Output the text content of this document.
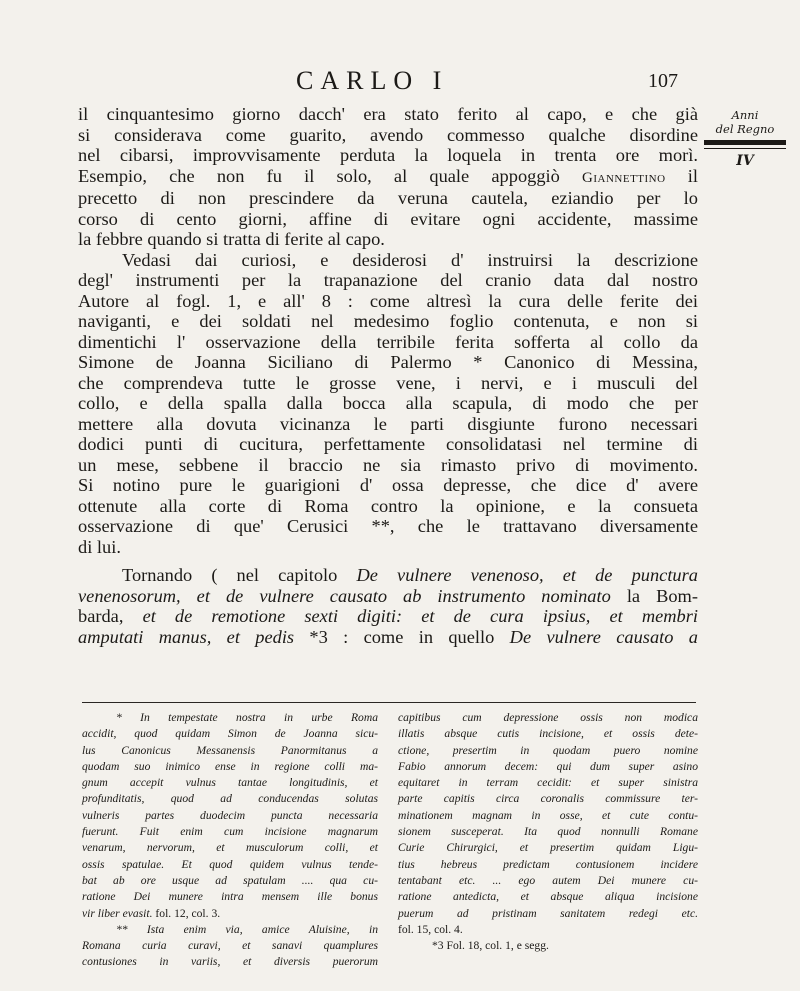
CARLO I	107
Anni
del Regno
IV
il cinquantesimo giorno dacch' era stato ferito al capo, e che già
si considerava come guarito, avendo commesso qualche disordine
nel cibarsi, improvvisamente perduta la loquela in trenta ore morì.
Esempio, che non fu il solo, al quale appoggiò Giannettino il
precetto di non prescindere da veruna cautela, eziandio per lo
corso di cento giorni, affine di evitare ogni accidente, massime
la febbre quando si tratta di ferite al capo.
Vedasi dai curiosi, e desiderosi d' instruirsi la descrizione
degl' instrumenti per la trapanazione del cranio data dal nostro
Autore al fogl. 1, e all' 8 : come altresì la cura delle ferite dei
naviganti, e dei soldati nel medesimo foglio contenuta, e non si
dimentichi l' osservazione della terribile ferita sofferta al collo da
Simone de Joanna Siciliano di Palermo * Canonico di Messina,
che comprendeva tutte le grosse vene, i nervi, e i musculi del
collo, e della spalla dalla bocca alla scapula, di modo che per
mettere alla dovuta vicinanza le parti disgiunte furono necessari
dodici punti di cucitura, perfettamente consolidatasi nel termine di
un mese, sebbene il braccio ne sia rimasto privo di movimento.
Si notino pure le guarigioni d' ossa depresse, che dice d' avere
ottenute alla corte di Roma contro la opinione, e la consueta
osservazione di que' Cerusici **, che le trattavano diversamente
di lui.
Tornando ( nel capitolo De vulnere venenoso, et de punctura
venenosorum, et de vulnere causato ab instrumento nominato la Bom-
barda, et de remotione sexti digiti: et de cura ipsius, et membri
amputati manus, et pedis *3 : come in quello De vulnere causato a
* In tempestate nostra in urbe Roma
accidit, quod quidam Simon de Joanna sicu-
lus Canonicus Messanensis Panormitanus a
quodam suo inimico ense in regione colli ma-
gnum accepit vulnus tantae longitudinis, et
profunditatis, quod ad conducendas solutas
vulneris partes duodecim puncta necessaria
fuerunt. Fuit enim cum incisione magnarum
venarum, nervorum, et musculorum colli, et
ossis spatulae. Et quod quidem vulnus tende-
bat ab ore usque ad spatulam .... qua cu-
ratione Dei munere intra mensem ille bonus
vir liber evasit. fol. 12, col. 3.
** Ista enim via, amice Aluisine, in
Romana curia curavi, et sanavi quamplures
contusiones in variis, et diversis puerorum
capitibus cum depressione ossis non modica
illatis absque cutis incisione, et ossis dete-
ctione, presertim in quodam puero nomine
Fabio annorum decem: qui dum super asino
equitaret in terram cecidit: et super sinistra
parte capitis circa coronalis commissure ter-
minationem magnam in osse, et cute contu-
sionem susceperat. Ita quod nonnulli Romane
Curie Chirurgici, et presertim quidam Ligu-
tius hebreus predictam contusionem incidere
tentabant etc. ... ego autem Dei munere cu-
ratione antedicta, et absque aliqua incisione
puerum ad pristinam sanitatem redegi etc.
fol. 15, col. 4.
*3 Fol. 18, col. 1, e segg.
